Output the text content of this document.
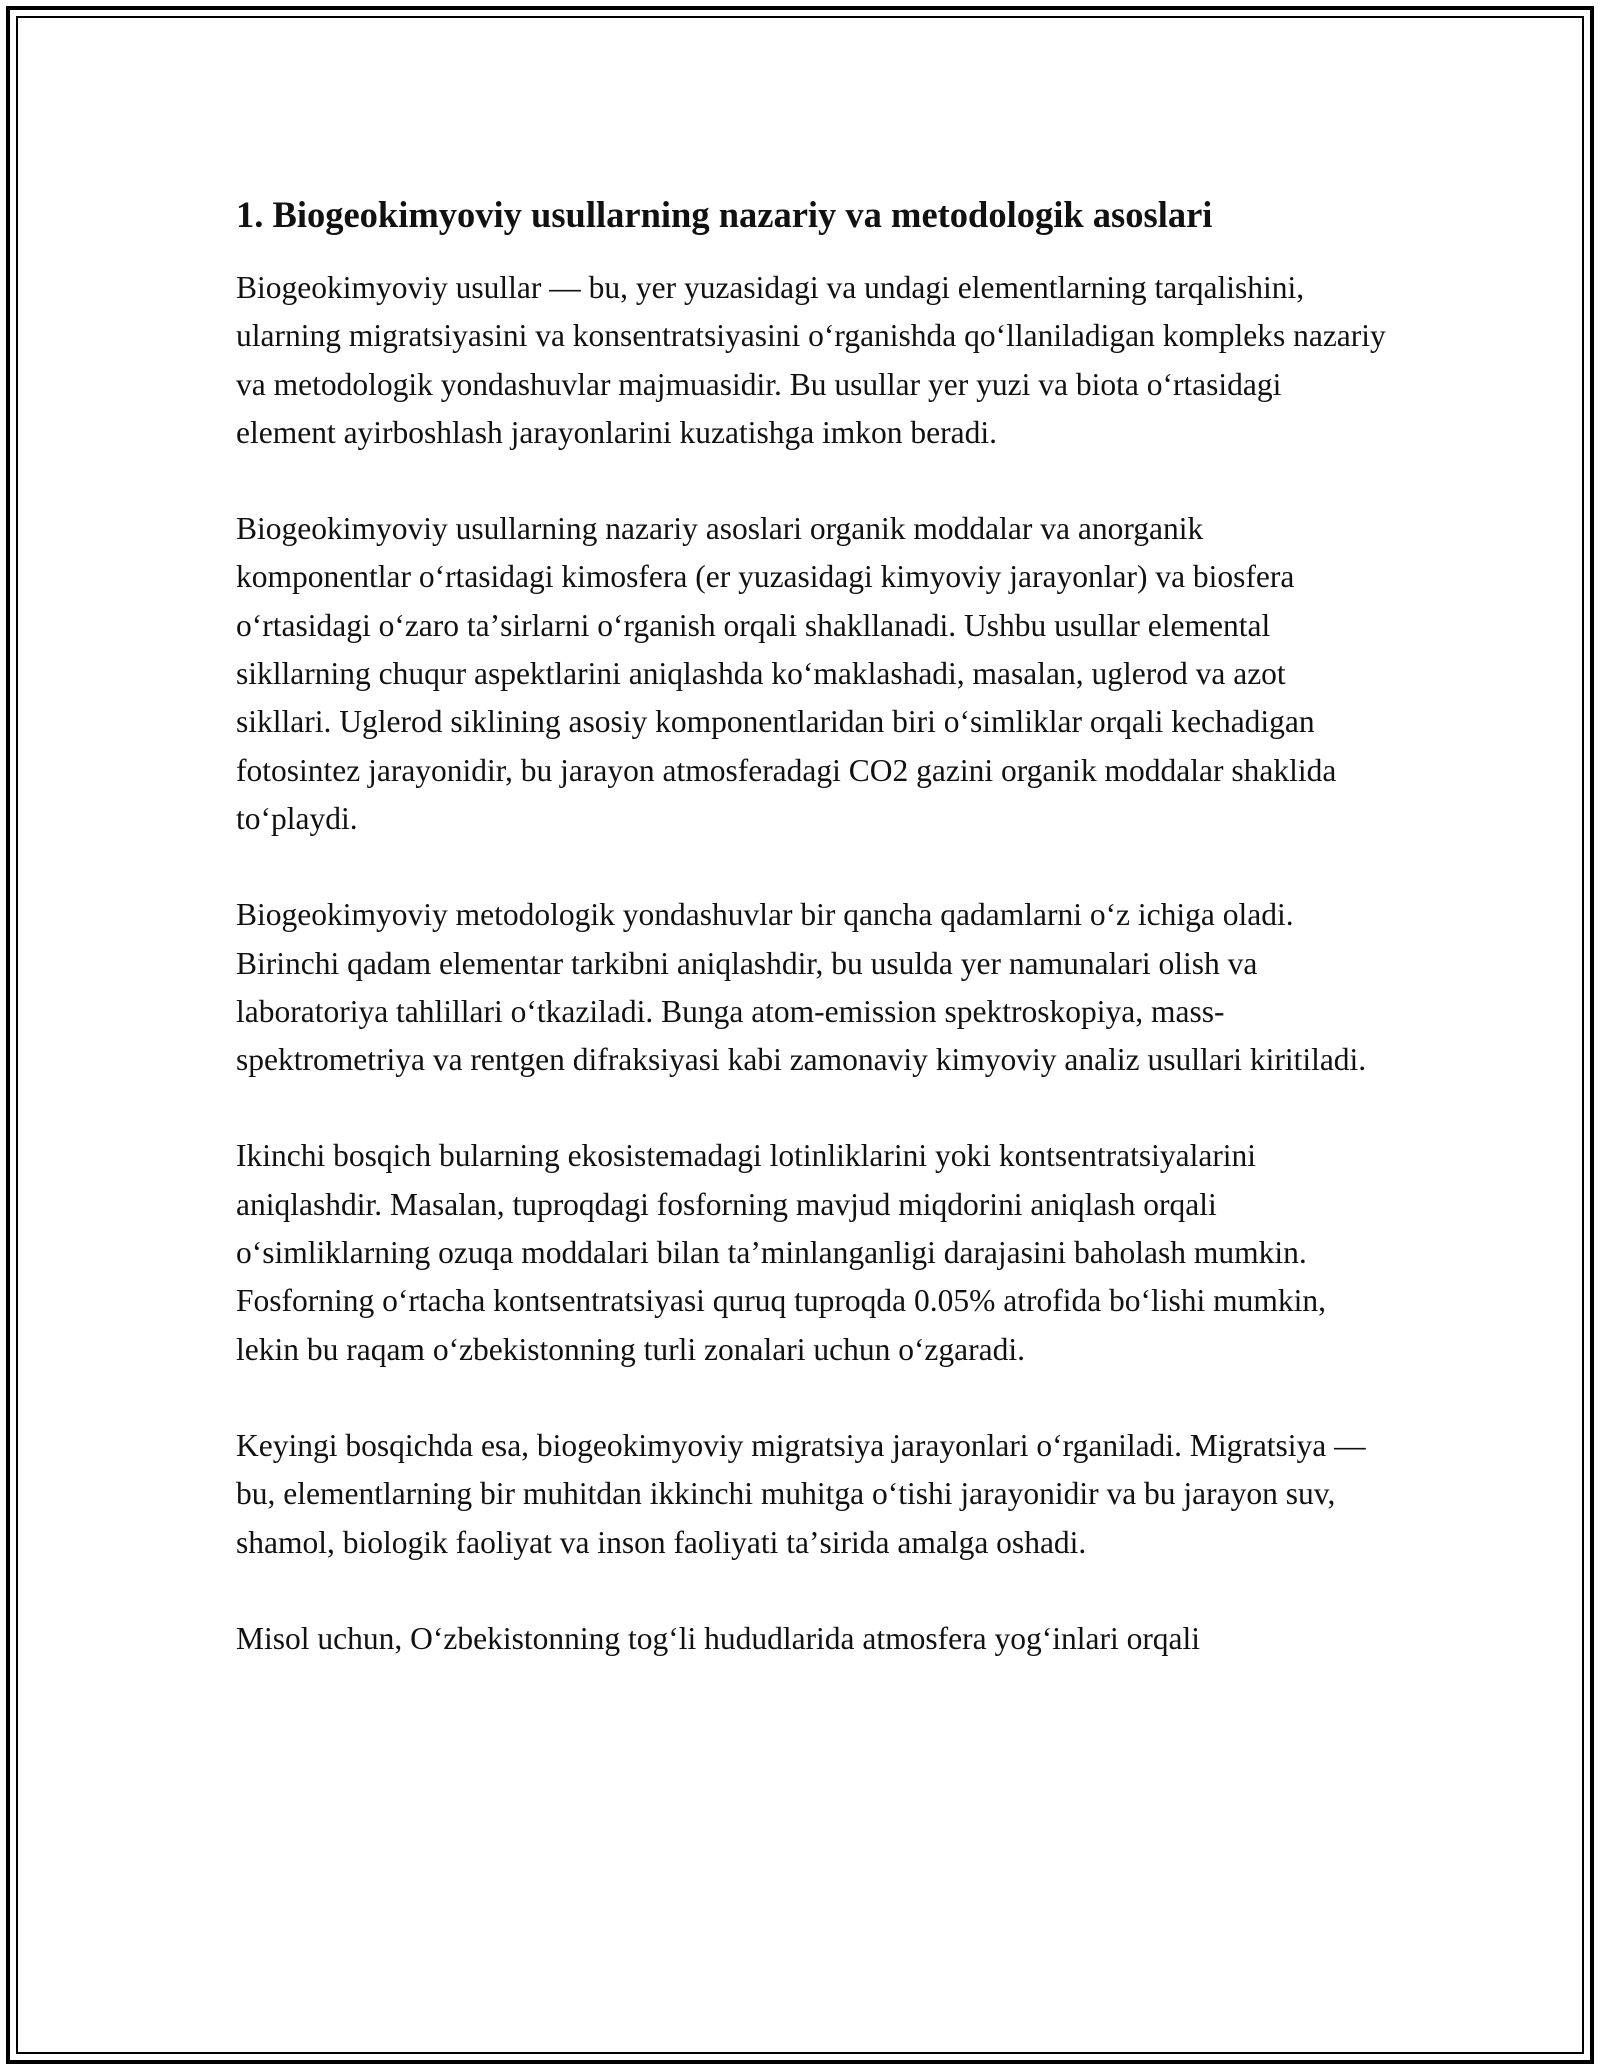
1. Biogeokimyoviy usullarning nazariy va metodologik asoslari

Biogeokimyoviy usullar — bu, yer yuzasidagi va undagi elementlarning tarqalishini, ularning migratsiyasini va konsentratsiyasini oʻrganishda qoʻllaniladigan kompleks nazariy va metodologik yondashuvlar majmuasidir. Bu usullar yer yuzi va biota oʻrtasidagi element ayirboshlash jarayonlarini kuzatishga imkon beradi.

Biogeokimyoviy usullarning nazariy asoslari organik moddalar va anorganik komponentlar oʻrtasidagi kimosfera (er yuzasidagi kimyoviy jarayonlar) va biosfera oʻrtasidagi oʻzaro taʼsirlarni oʻrganish orqali shakllanadi. Ushbu usullar elemental sikllarning chuqur aspektlarini aniqlashda koʻmaklashadi, masalan, uglerod va azot sikllari. Uglerod siklining asosiy komponentlaridan biri oʻsimliklar orqali kechadigan fotosintez jarayonidir, bu jarayon atmosferadagi CO2 gazini organik moddalar shaklida toʻplaydi.

Biogeokimyoviy metodologik yondashuvlar bir qancha qadamlarni oʻz ichiga oladi. Birinchi qadam elementar tarkibni aniqlashdir, bu usulda yer namunalari olish va laboratoriya tahlillari oʻtkaziladi. Bunga atom-emission spektroskopiya, mass-spektrometriya va rentgen difraksiyasi kabi zamonaviy kimyoviy analiz usullari kiritiladi.

Ikinchi bosqich bularning ekosistemadagi lotinliklarini yoki kontsentratsiyalarini aniqlashdir. Masalan, tuproqdagi fosforning mavjud miqdorini aniqlash orqali oʻsimliklarning ozuqa moddalari bilan taʼminlanganligi darajasini baholash mumkin. Fosforning oʻrtacha kontsentratsiyasi quruq tuproqda 0.05% atrofida boʻlishi mumkin, lekin bu raqam oʻzbekistonning turli zonalari uchun oʻzgaradi.

Keyingi bosqichda esa, biogeokimyoviy migratsiya jarayonlari oʻrganiladi. Migratsiya — bu, elementlarning bir muhitdan ikkinchi muhitga oʻtishi jarayonidir va bu jarayon suv, shamol, biologik faoliyat va inson faoliyati taʼsirida amalga oshadi.

Misol uchun, Oʻzbekistonning togʻli hududlarida atmosfera yogʻinlari orqali
